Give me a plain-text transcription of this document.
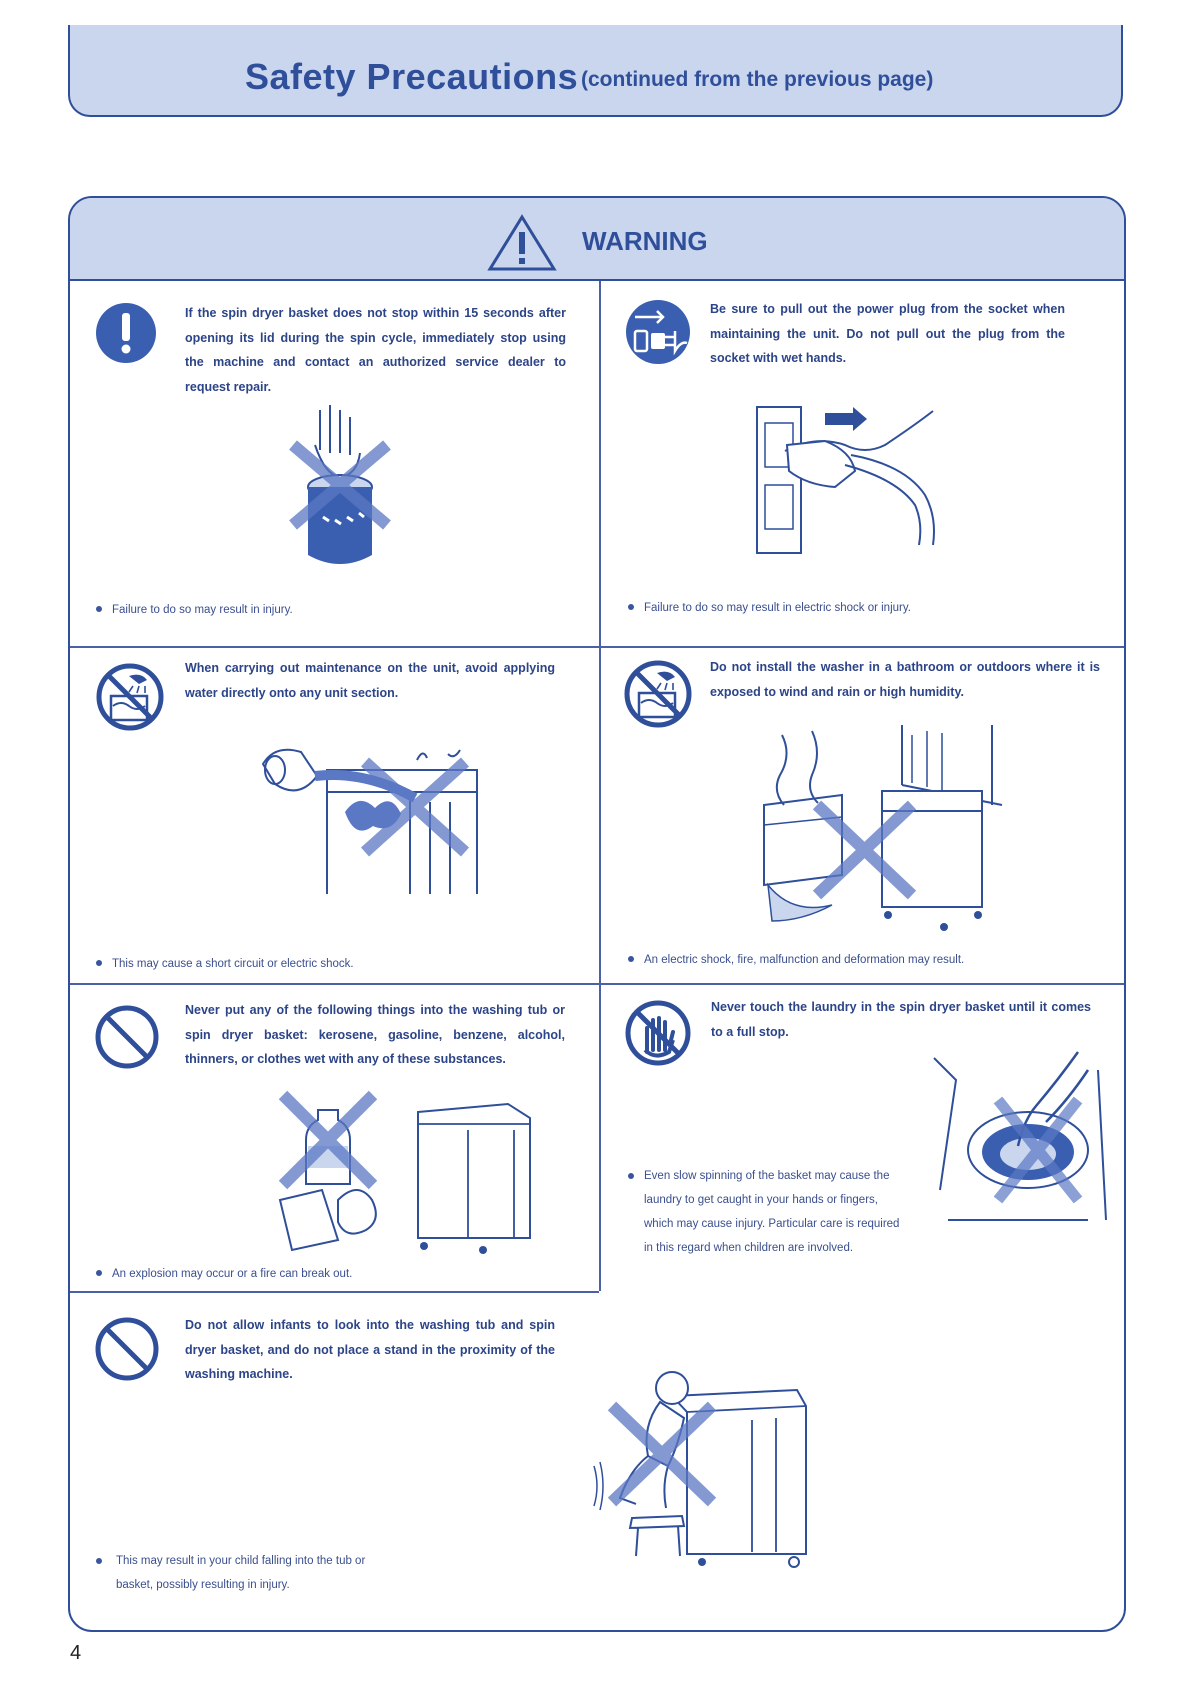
Safety Precautions (continued from the previous page)
WARNING
If the spin dryer basket does not stop within 15 seconds after opening its lid during the spin cycle, immediately stop using the machine and contact an authorized service dealer to request repair.
Failure to do so may result in injury.
Be sure to pull out the power plug from the socket when maintaining the unit. Do not pull out the plug from the socket with wet hands.
Failure to do so may result in electric shock or injury.
When carrying out maintenance on the unit, avoid applying water directly onto any unit section.
This may cause a short circuit or electric shock.
Do not install the washer in a bathroom or outdoors where it is exposed to wind and rain or high humidity.
An electric shock, fire, malfunction and deformation may result.
Never put any of the following things into the washing tub or spin dryer basket: kerosene, gasoline, benzene, alcohol, thinners, or clothes wet with any of these substances.
An explosion may occur or a fire can break out.
Never touch the laundry in the spin dryer basket until it comes to a full stop.
Even slow spinning of the basket may cause the laundry to get caught in your hands or fingers, which may cause injury. Particular care is required in this regard when children are involved.
Do not allow infants to look into the washing tub and spin dryer basket, and do not place a stand in the proximity of the washing machine.
This may result in your child falling into the tub or basket, possibly resulting in injury.
4
